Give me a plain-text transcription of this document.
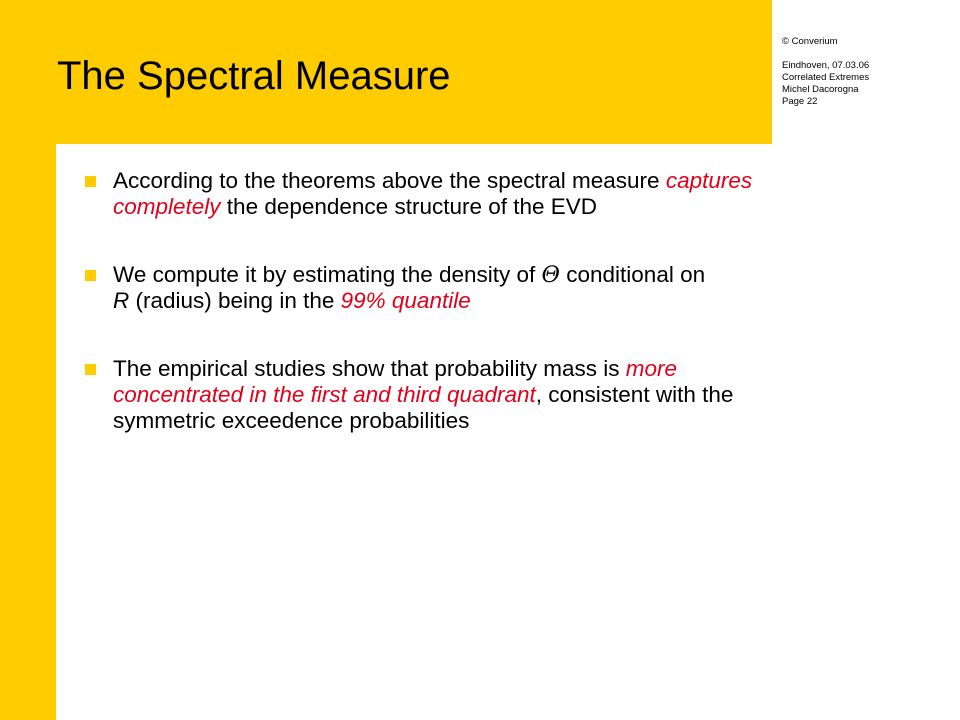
The Spectral Measure
© Converium
Eindhoven, 07.03.06
Correlated Extremes
Michel Dacorogna
Page 22
According to the theorems above the spectral measure captures
completely the dependence structure of the EVD
We compute it by estimating the density of Θ conditional on
R (radius) being in the 99% quantile
The empirical studies show that probability mass is more
concentrated in the first and third quadrant, consistent with the
symmetric exceedence probabilities
